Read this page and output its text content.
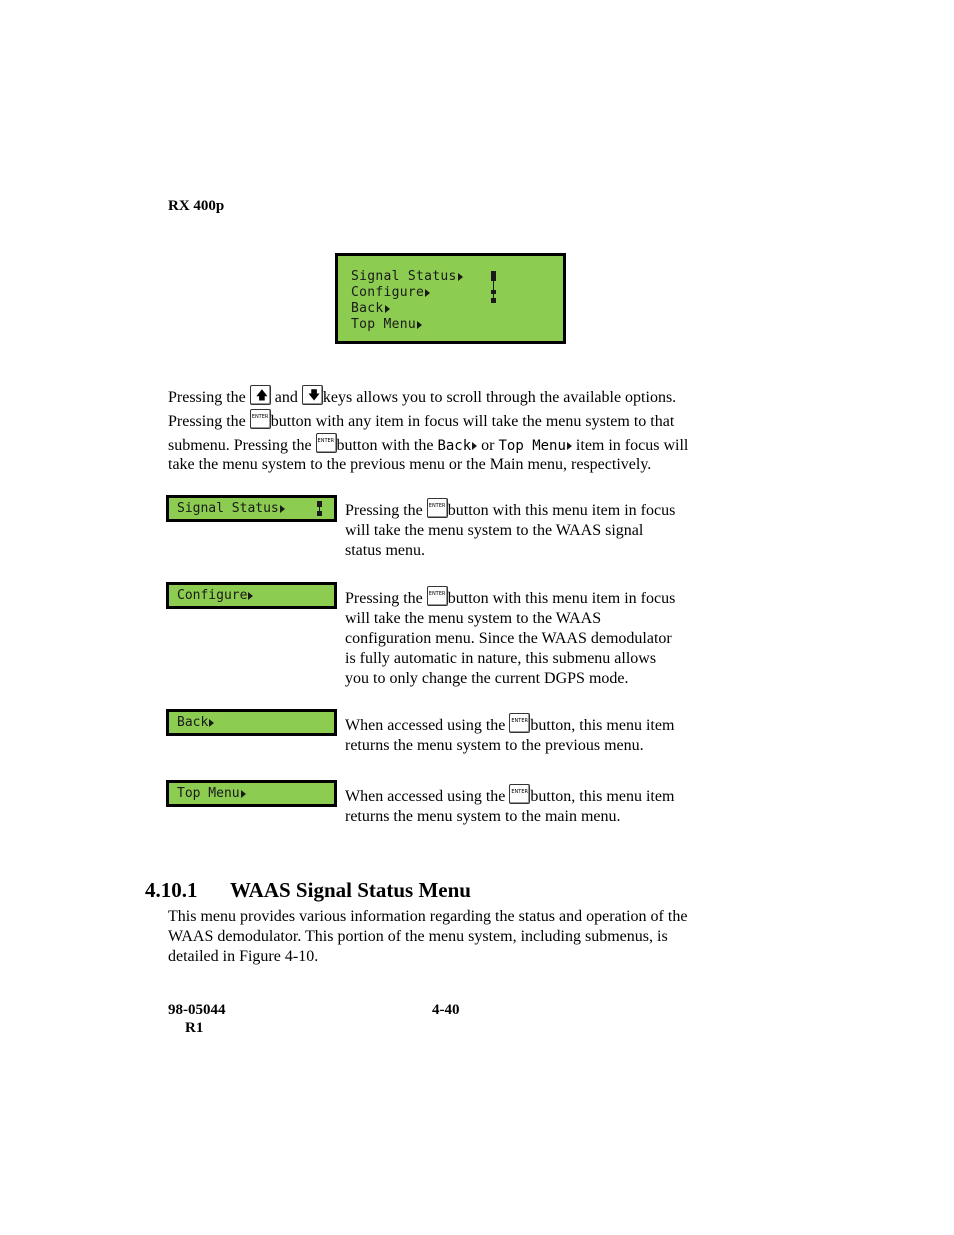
RX 400p
Signal Status
Configure
Back
Top Menu
Pressing the 🡅 and 🡇 keys allows you to scroll through the available options.
Pressing the ENTER button with any item in focus will take the menu system to that
submenu. Pressing the ENTER button with the Back or Top Menu item in focus will
take the menu system to the previous menu or the Main menu, respectively.
Signal Status	Pressing the ENTER button with this menu item in focus
will take the menu system to the WAAS signal
status menu.
Configure	Pressing the ENTER button with this menu item in focus
will take the menu system to the WAAS
configuration menu. Since the WAAS demodulator
is fully automatic in nature, this submenu allows
you to only change the current DGPS mode.
Back	When accessed using the ENTER button, this menu item
returns the menu system to the previous menu.
Top Menu	When accessed using the ENTER button, this menu item
returns the menu system to the main menu.
4.10.1 WAAS Signal Status Menu
This menu provides various information regarding the status and operation of the
WAAS demodulator. This portion of the menu system, including submenus, is
detailed in Figure 4-10.
98-05044
R1
4-40
